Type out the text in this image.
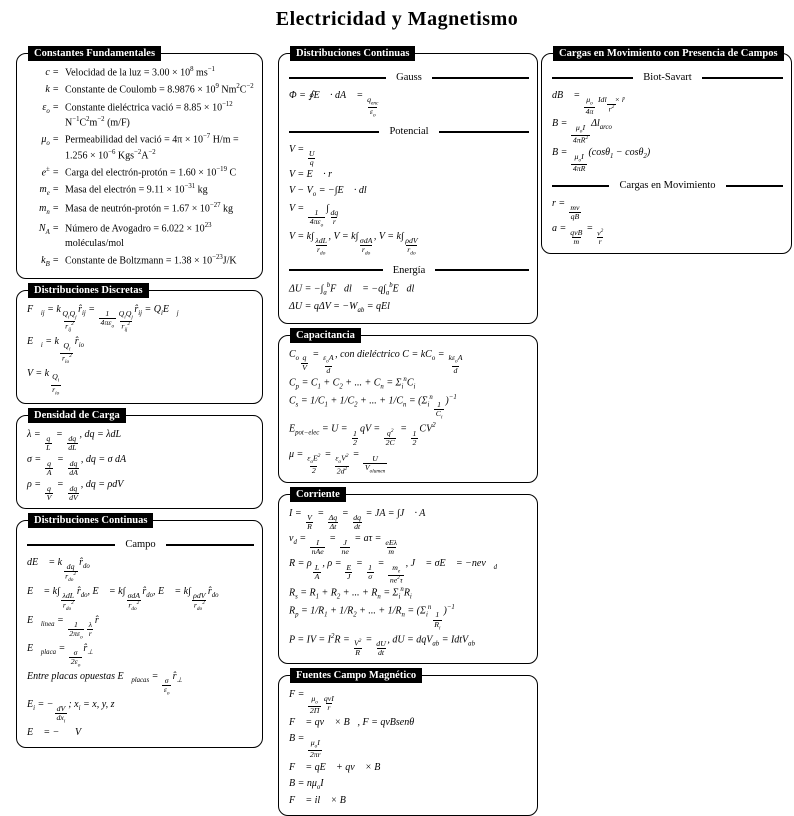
Electricidad y Magnetismo
Constantes Fundamentales
c = Velocidad de la luz = $3.00 \times 10^8$ $ms^{-1}$
k = Constante de Coulomb = $8.9876 \times 10^9$ $Nm^2C^{-2}$
$\varepsilon_o$ = Constante dieléctrica vació = $8.85 \times 10^{-12}$ $N^{-1}C^2m^{-2}$ (m/F)
$\mu_o$ = Permeabilidad del vació = $4\pi \times 10^{-7}$ $H/m = 1.256 \times 10^{-6}$ $Kgs^{-2}A^{-2}$
e± = Carga del electrón-protón = $1.60 \times 10^{-19}$ C
$m_e$ = Masa del electrón = $9.11 \times 10^{-31}$ kg
$m_n$ = Masa de neutrón-protón = $1.67 \times 10^{-27}$ kg
$N_A$ = Número de Avogadro = $6.022 \times 10^{23}$ moléculas/mol
$k_B$ = Constante de Boltzmann = $1.38 \times 10^{-23}J/K$
Distribuciones Discretas
$F⃗_{ij} = k$ $Q_iQ_j$
$r_{ij}^2$
$r̂_{ij} = 1$
$4\pi\varepsilon_o$
$Q_iQ_j$
$r_{ij}^2$
$r̂_{ij}$ = $Q_iE⃗_j$
$E⃗_i = k$ $Q_i$
$r_{io}^2$
$r̂_{io}$
V = k $Q_i$
$r_{io}$
Densidad de Carga
λ =
$\frac{q}{L}$
=
$\frac{dq}{dL}$
, dq = λdL
σ =
$\frac{q}{A}$
=
$\frac{dq}{dA}$
, dq = σ dA
ρ =
$\frac{q}{V}$
=
$\frac{dq}{dV}$
, dq = ρdV
Distribuciones Continuas
Campo
dE⃗ = k dq
$r_{do}^2$
$r̂_{do}$
E⃗ = k∫ λdL
$r_{do}^2$
$r̂_{do}$, E⃗ = k∫ σdA
$r_{do}^2$
$r̂_{do}$, E⃗ = k∫ ρdV
$r_{do}^2$
$r̂_{do}$
$E⃗_{linea} = 1$
$2\pi\varepsilon_o \frac{\lambda}{r}$
r̂
$E⃗_{placa}$ =
$\frac{\sigma}{2\varepsilon_o}$
$r̂_\perp$
Entre placas opuestas $E⃗_{placas}$ =
$\frac{\sigma}{\varepsilon_o}$
$r̂_\perp$
$E_i$ = − dV
$dx_i$
; $x_i = x$, y, z
E⃗ = −∇⃗V
Distribuciones Continuas
Gauss
Φ = ∮E⃗ · dA⃗ = $q_{enc}$
$\varepsilon_o$
Potencial
V =
$\frac{U}{q}$
V = E⃗ · r⃗
$V - V_o$ = −∫E⃗ · dl⃗
V = 1
$4\pi\varepsilon_o$
∫
$\frac{dq}{r}$
V = k∫ λdL
$r_{do}$
, V = k∫ σdA
$r_{do}$
, V = k∫ ρdV
$r_{do}$
Energía
$\Delta U = -\int_a^bF⃗dl⃗$ = $-q\int_a^bE⃗dl⃗$
$\Delta U = q\Delta V = -W_{ab}$ = qEl
Capacitancia
$C_o \frac{q}{V}$
= $\varepsilon_oA$
d
, con dieléctrico $C = kC_o = k\varepsilon_oA$
d
$C_p = C_1 + C_2$ + ... + $C_n = \Sigma_i^nC_i$
$C_s = 1/C_1 + 1/C_2$ + ... + $1/C_n = (\Sigma_i^n$
$\frac{1}{C_i}$
)$^{-1}$
$E_{pot-elec} = U$ =
$\frac{1}{2}$
qV = $\frac{q^2}{2C}$ =
$\frac{1}{2}$
$CV^2$
$\mu = \varepsilon_oE^2$
2
= $\varepsilon_oV^2$
$2d^2$
= U
$V_{olumen}$
Corriente
I =
$\frac{V}{R}$
=
$\frac{\Delta q}{\Delta t}$
=
$\frac{dq}{dt}$
= JA = ∫J⃗ · A⃗
$v_d = I$
nAe
=
$\frac{J}{ne}$
= aτ = eEλ
m
R = ρ
$\frac{L}{A}$
, ρ =
$\frac{E}{J}$
=
$\frac{1}{\sigma}$
=
$\frac{m_e}{ne^2\tau}$
, J⃗ = σE⃗ = $-nev⃗_d$
$R_s = R_1 + R_2$ + ... + $R_n = \Sigma_i^nR_i$
$R_p = 1/R_1 + 1/R_2$ + ... + $1/R_n = (\Sigma_i^n$
$\frac{1}{R_i}$
)$^{-1}$
P = IV = $I^2R = \frac{V^2}{R}$ =
$\frac{dU}{dt}$
, dU = dqV$_{ab}$ = IdtV$_{ab}$
Fuentes Campo Magnético
F =
$\frac{\mu_o}{2\Pi}$ qvI
r
F⃗ = qv⃗ × B⃗, F = qvBsenθ
$B = \mu_oI$
2πr
F⃗ = qE⃗ + qv⃗ × B⃗
$B = n\mu_oI$
F⃗ = il⃗ × B⃗
Cargas en Movimiento con Presencia de Campos
Biot-Savart
dB⃗ =
$\frac{\mu_o}{4\pi}$ Idl⃗ × r̂
$r^2$
$B = \mu_oI$
$4\pi R^2$
$\Delta l_{arco}$
$B = \mu_oI$
4πR
(cosθ$_1$ − cosθ$_2$)
Cargas en Movimiento
r =
$\frac{mv}{qB}$
a = qvB
m
= $\frac{v^2}{r}$
